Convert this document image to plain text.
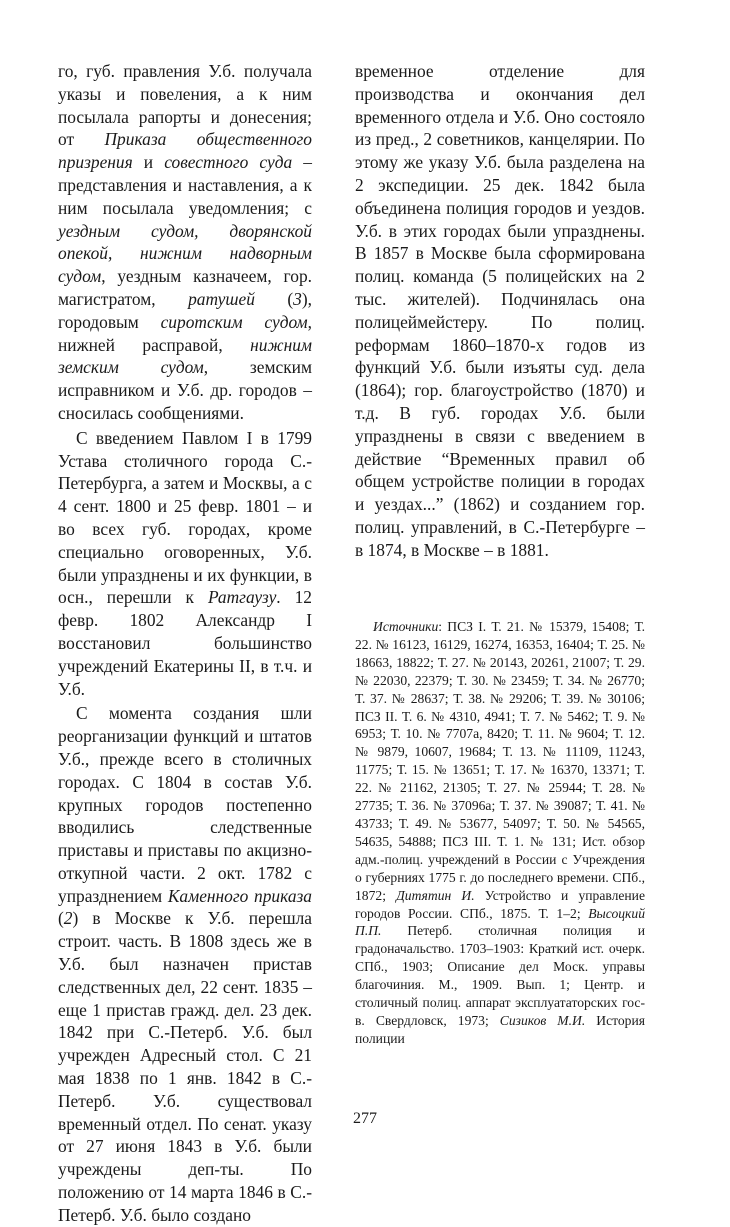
го, губ. правления У.б. получала указы и повеления, а к ним посылала рапорты и донесения; от Приказа общественного призрения и совестного суда – представления и наставления, а к ним посылала уведомления; с уездным судом, дворянской опекой, нижним надворным судом, уездным казначеем, гор. магистратом, ратушей (3), городовым сиротским судом, нижней расправой, нижним земским судом, земским исправником и У.б. др. городов – сносилась сообщениями.

С введением Павлом I в 1799 Устава столичного города С.-Петербурга, а затем и Москвы, а с 4 сент. 1800 и 25 февр. 1801 – и во всех губ. городах, кроме специально оговоренных, У.б. были упразднены и их функции, в осн., перешли к Ратгаузу. 12 февр. 1802 Александр I восстановил большинство учреждений Екатерины II, в т.ч. и У.б.

С момента создания шли реорганизации функций и штатов У.б., прежде всего в столичных городах. С 1804 в состав У.б. крупных городов постепенно вводились следственные приставы и приставы по акцизно-откупной части. 2 окт. 1782 с упразднением Каменного приказа (2) в Москве к У.б. перешла строит. часть. В 1808 здесь же в У.б. был назначен пристав следственных дел, 22 сент. 1835 – еще 1 пристав гражд. дел. 23 дек. 1842 при С.-Петерб. У.б. был учрежден Адресный стол. С 21 мая 1838 по 1 янв. 1842 в С.-Петерб. У.б. существовал временный отдел. По сенат. указу от 27 июня 1843 в У.б. были учреждены деп-ты. По положению от 14 марта 1846 в С.-Петерб. У.б. было создано

временное отделение для производства и окончания дел временного отдела и У.б. Оно состояло из пред., 2 советников, канцелярии. По этому же указу У.б. была разделена на 2 экспедиции. 25 дек. 1842 была объединена полиция городов и уездов. У.б. в этих городах были упразднены. В 1857 в Москве была сформирована полиц. команда (5 полицейских на 2 тыс. жителей). Подчинялась она полицеймейстеру. По полиц. реформам 1860–1870-х годов из функций У.б. были изъяты суд. дела (1864); гор. благоустройство (1870) и т.д. В губ. городах У.б. были упразднены в связи с введением в действие “Временных правил об общем устройстве полиции в городах и уездах...” (1862) и созданием гор. полиц. управлений, в С.-Петербурге – в 1874, в Москве – в 1881.

Источники: ПСЗ I. Т. 21. № 15379, 15408; Т. 22. № 16123, 16129, 16274, 16353, 16404; Т. 25. № 18663, 18822; Т. 27. № 20143, 20261, 21007; Т. 29. № 22030, 22379; Т. 30. № 23459; Т. 34. № 26770; Т. 37. № 28637; Т. 38. № 29206; Т. 39. № 30106; ПСЗ II. Т. 6. № 4310, 4941; Т. 7. № 5462; Т. 9. № 6953; Т. 10. № 7707а, 8420; Т. 11. № 9604; Т. 12. № 9879, 10607, 19684; Т. 13. № 11109, 11243, 11775; Т. 15. № 13651; Т. 17. № 16370, 13371; Т. 22. № 21162, 21305; Т. 27. № 25944; Т. 28. № 27735; Т. 36. № 37096а; Т. 37. № 39087; Т. 41. № 43733; Т. 49. № 53677, 54097; Т. 50. № 54565, 54635, 54888; ПСЗ III. Т. 1. № 131; Ист. обзор адм.-полиц. учреждений в России с Учреждения о губерниях 1775 г. до последнего времени. СПб., 1872; Дитятин И. Устройство и управление городов России. СПб., 1875. Т. 1–2; Высоцкий П.П. Петерб. столичная полиция и градоначальство. 1703–1903: Краткий ист. очерк. СПб., 1903; Описание дел Моск. управы благочиния. М., 1909. Вып. 1; Центр. и столичный полиц. аппарат эксплуататорских гос-в. Свердловск, 1973; Сизиков М.И. История полиции

277
